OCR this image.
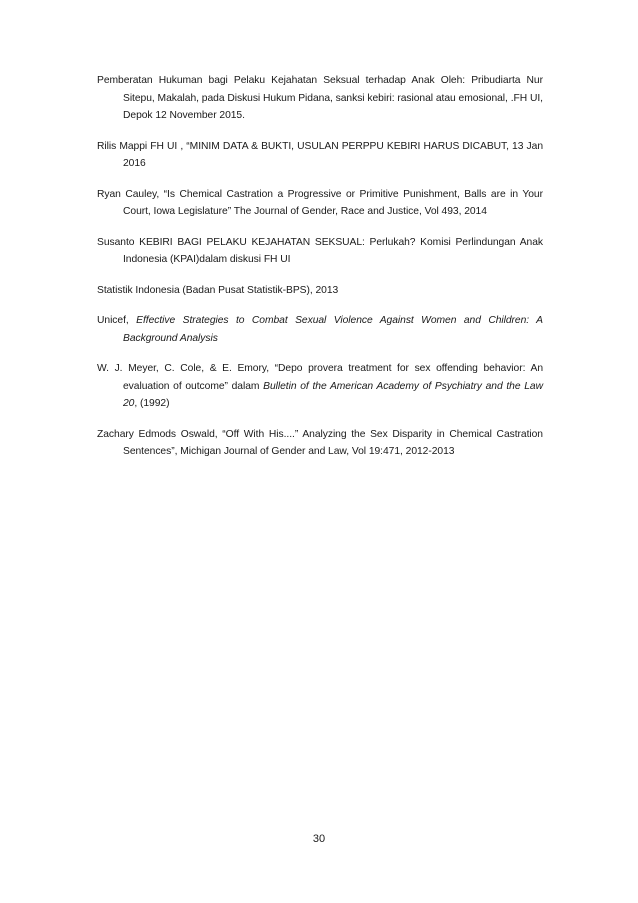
Pemberatan Hukuman bagi Pelaku Kejahatan Seksual terhadap Anak Oleh: Pribudiarta Nur Sitepu, Makalah, pada Diskusi Hukum Pidana, sanksi kebiri: rasional atau emosional, .FH UI, Depok 12 November 2015.

Rilis Mappi FH UI , “MINIM DATA & BUKTI, USULAN PERPPU KEBIRI HARUS DICABUT, 13 Jan 2016

Ryan Cauley, “Is Chemical Castration a Progressive or Primitive Punishment, Balls are in Your Court, Iowa Legislature” The Journal of Gender, Race and Justice, Vol 493, 2014

Susanto KEBIRI BAGI PELAKU KEJAHATAN SEKSUAL: Perlukah? Komisi Perlindungan Anak Indonesia (KPAI)dalam diskusi FH UI

Statistik Indonesia (Badan Pusat Statistik-BPS), 2013

Unicef, Effective Strategies to Combat Sexual Violence Against Women and Children: A Background Analysis

W. J. Meyer, C. Cole, & E. Emory, “Depo provera treatment for sex offending behavior: An evaluation of outcome” dalam Bulletin of the American Academy of Psychiatry and the Law 20, (1992)

Zachary Edmods Oswald, “Off With His....” Analyzing the Sex Disparity in Chemical Castration Sentences”, Michigan Journal of Gender and Law, Vol 19:471, 2012-2013

30
